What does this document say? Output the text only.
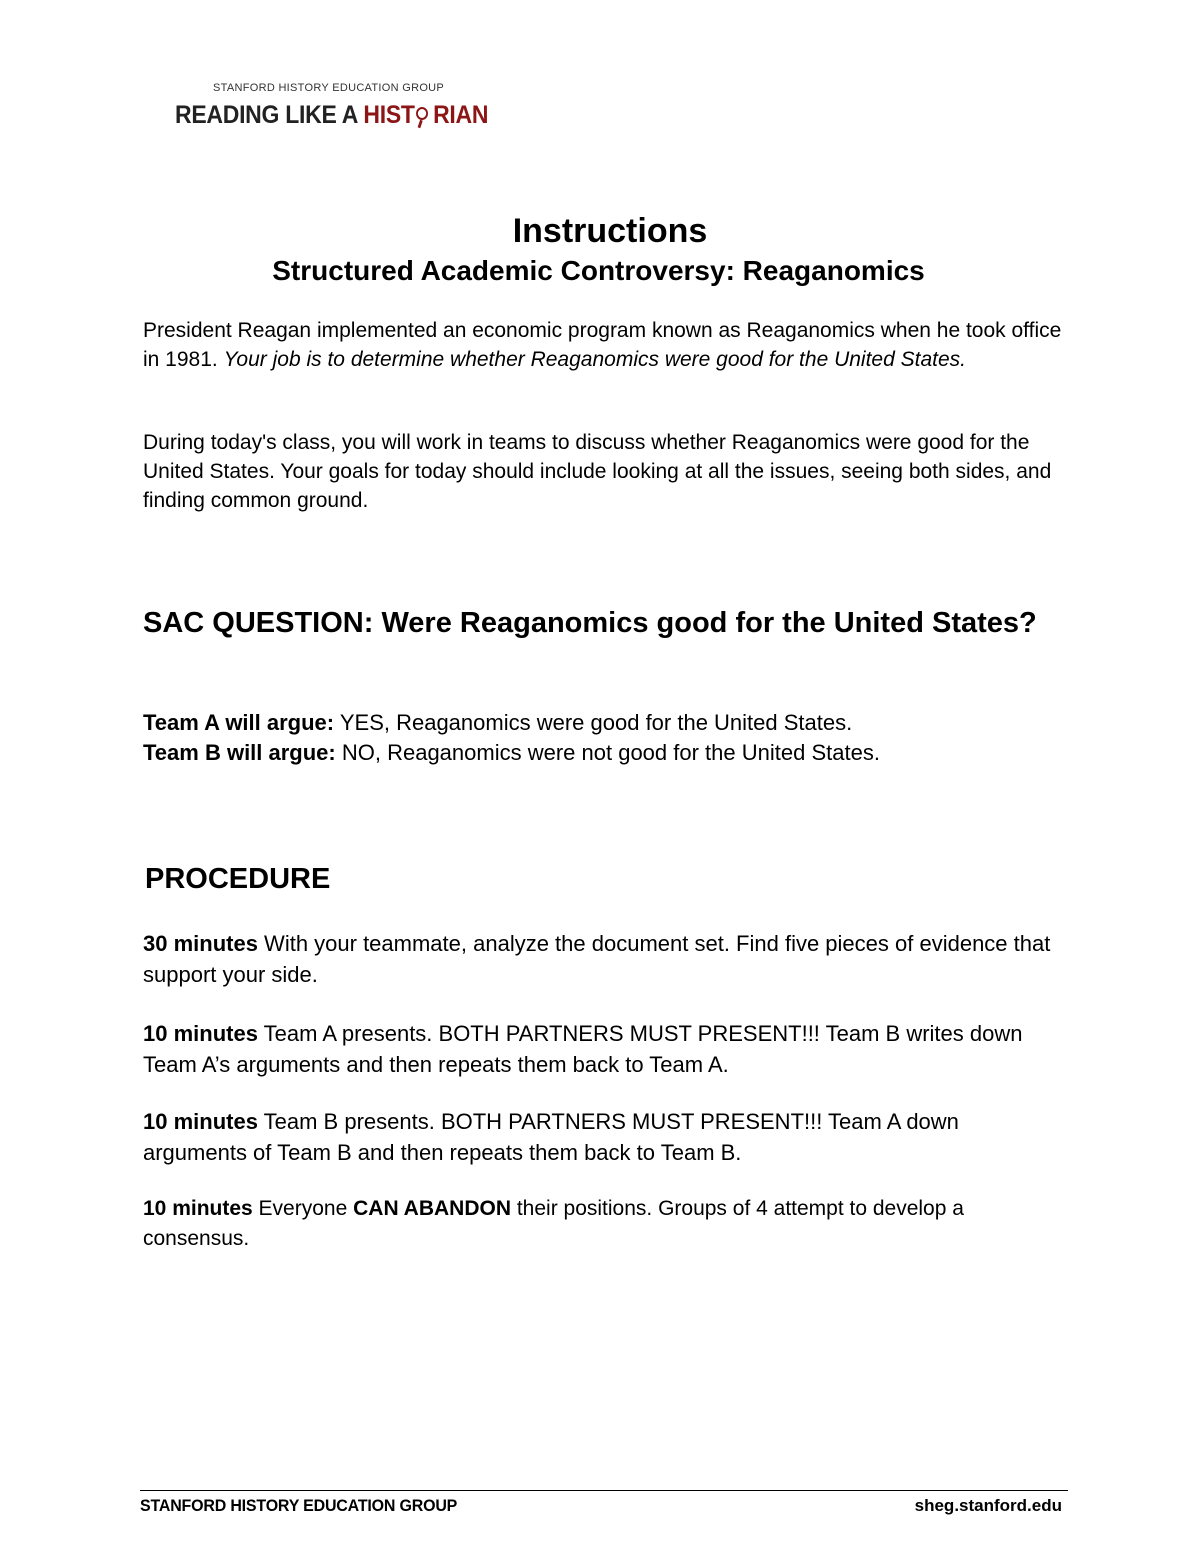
STANFORD HISTORY EDUCATION GROUP
READING LIKE A HIST RIAN
Instructions
Structured Academic Controversy: Reaganomics
President Reagan implemented an economic program known as Reaganomics when he took office in 1981. Your job is to determine whether Reaganomics were good for the United States.
During today's class, you will work in teams to discuss whether Reaganomics were good for the United States. Your goals for today should include looking at all the issues, seeing both sides, and finding common ground.
SAC QUESTION: Were Reaganomics good for the United States?
Team A will argue: YES, Reaganomics were good for the United States.
Team B will argue: NO, Reaganomics were not good for the United States.
PROCEDURE
30 minutes With your teammate, analyze the document set. Find five pieces of evidence that support your side.
10 minutes Team A presents. BOTH PARTNERS MUST PRESENT!!! Team B writes down Team A’s arguments and then repeats them back to Team A.
10 minutes Team B presents. BOTH PARTNERS MUST PRESENT!!! Team A down arguments of Team B and then repeats them back to Team B.
10 minutes Everyone CAN ABANDON their positions. Groups of 4 attempt to develop a consensus.
STANFORD HISTORY EDUCATION GROUP	sheg.stanford.edu
